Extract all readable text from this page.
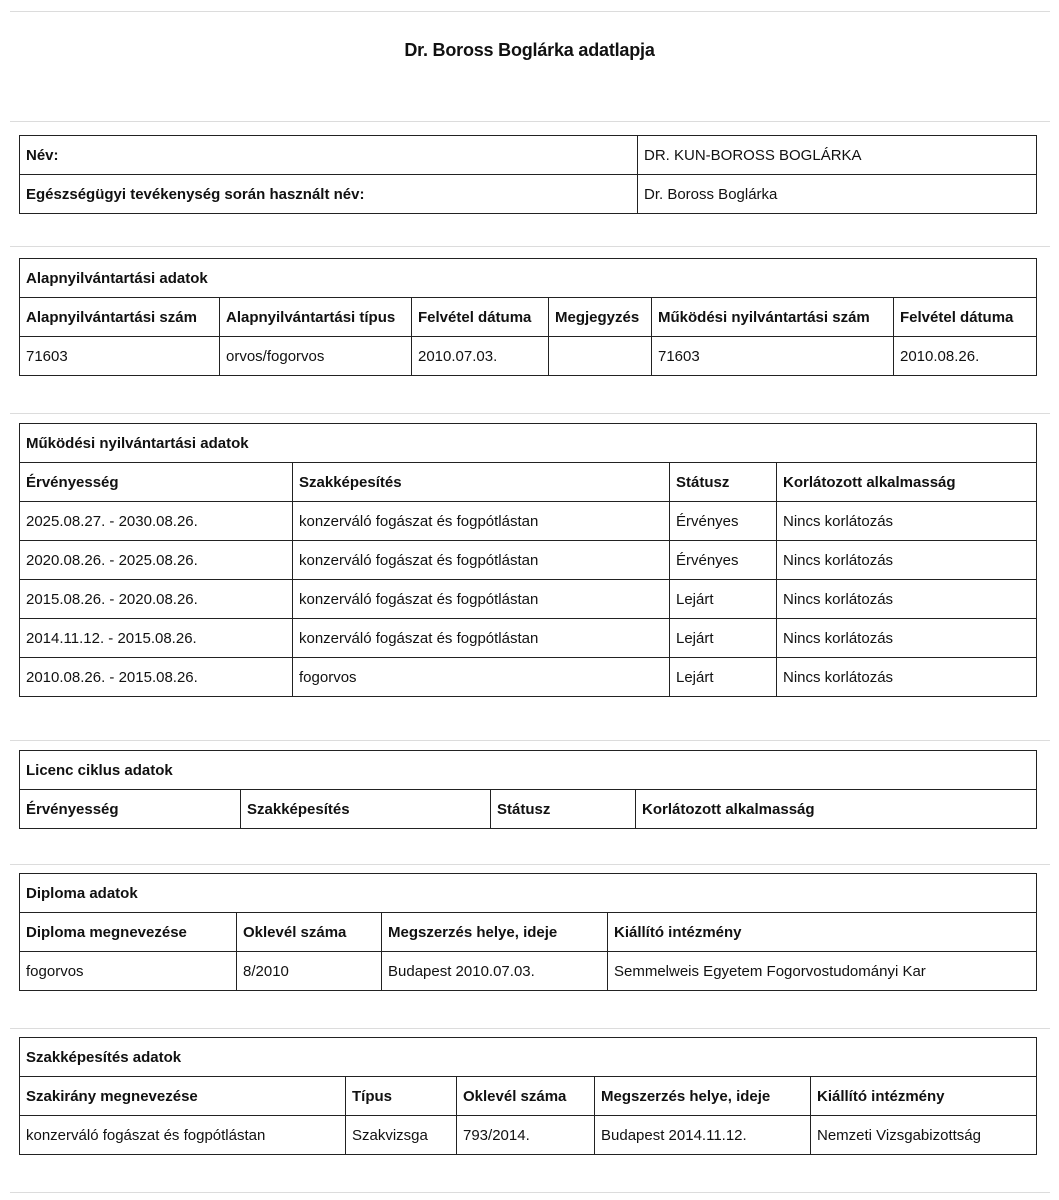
Dr. Boross Boglárka adatlapja
Név:	DR. KUN-BOROSS BOGLÁRKA
Egészségügyi tevékenység során használt név:	Dr. Boross Boglárka
Alapnyilvántartási adatok					
Alapnyilvántartási szám	Alapnyilvántartási típus	Felvétel dátuma	Megjegyzés	Működési nyilvántartási szám	Felvétel dátuma
71603	orvos/fogorvos	2010.07.03.		71603	2010.08.26.
Működési nyilvántartási adatok			
Érvényesség	Szakképesítés	Státusz	Korlátozott alkalmasság
2025.08.27. - 2030.08.26.	konzerváló fogászat és fogpótlástan	Érvényes	Nincs korlátozás
2020.08.26. - 2025.08.26.	konzerváló fogászat és fogpótlástan	Érvényes	Nincs korlátozás
2015.08.26. - 2020.08.26.	konzerváló fogászat és fogpótlástan	Lejárt	Nincs korlátozás
2014.11.12. - 2015.08.26.	konzerváló fogászat és fogpótlástan	Lejárt	Nincs korlátozás
2010.08.26. - 2015.08.26.	fogorvos	Lejárt	Nincs korlátozás
Licenc ciklus adatok
Érvényesség	Szakképesítés	Státusz	Korlátozott alkalmasság
Diploma adatok			
Diploma megnevezése	Oklevél száma	Megszerzés helye, ideje	Kiállító intézmény
fogorvos	8/2010	Budapest 2010.07.03.	Semmelweis Egyetem Fogorvostudományi Kar
Szakképesítés adatok				
Szakirány megnevezése	Típus	Oklevél száma	Megszerzés helye, ideje	Kiállító intézmény
konzerváló fogászat és fogpótlástan	Szakvizsga	793/2014.	Budapest 2014.11.12.	Nemzeti Vizsgabizottság
